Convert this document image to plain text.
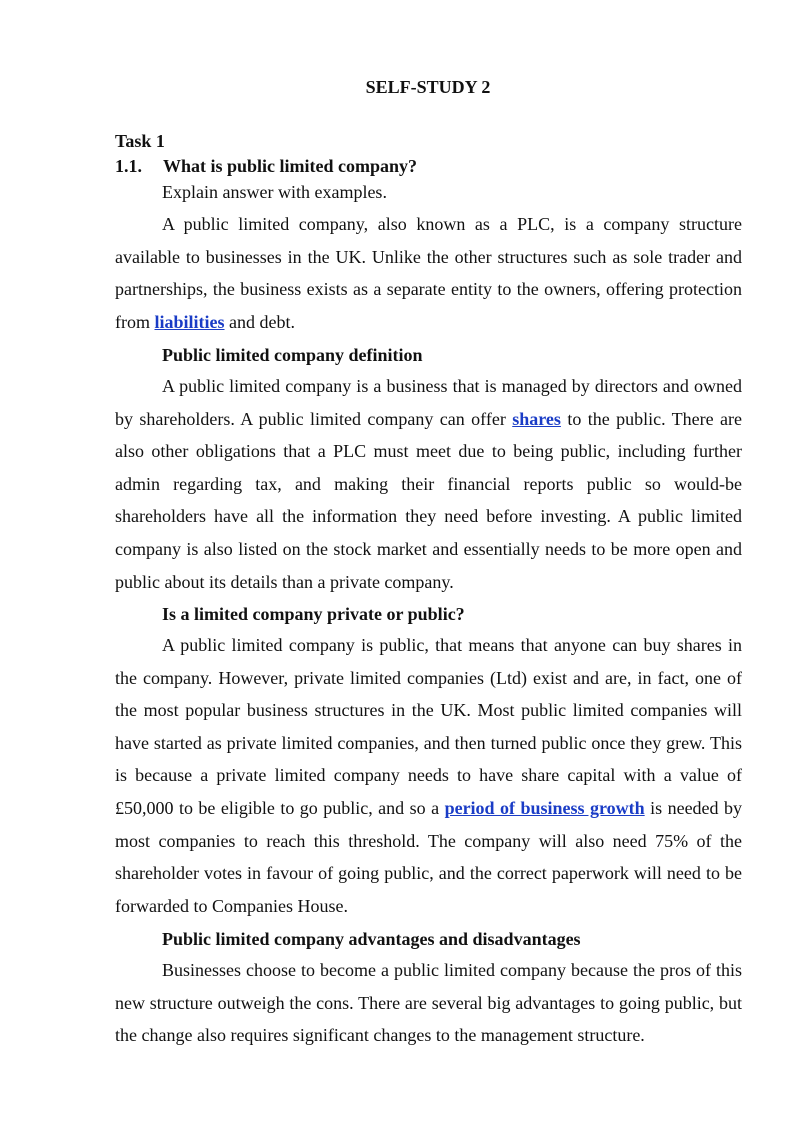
SELF-STUDY 2
Task 1
1.1. What is public limited company?
Explain answer with examples.

A public limited company, also known as a PLC, is a company structure available to businesses in the UK. Unlike the other structures such as sole trader and partnerships, the business exists as a separate entity to the owners, offering protection from liabilities and debt.

Public limited company definition

A public limited company is a business that is managed by directors and owned by shareholders. A public limited company can offer shares to the public. There are also other obligations that a PLC must meet due to being public, including further admin regarding tax, and making their financial reports public so would-be shareholders have all the information they need before investing. A public limited company is also listed on the stock market and essentially needs to be more open and public about its details than a private company.

Is a limited company private or public?

A public limited company is public, that means that anyone can buy shares in the company. However, private limited companies (Ltd) exist and are, in fact, one of the most popular business structures in the UK. Most public limited companies will have started as private limited companies, and then turned public once they grew. This is because a private limited company needs to have share capital with a value of £50,000 to be eligible to go public, and so a period of business growth is needed by most companies to reach this threshold. The company will also need 75% of the shareholder votes in favour of going public, and the correct paperwork will need to be forwarded to Companies House.

Public limited company advantages and disadvantages

Businesses choose to become a public limited company because the pros of this new structure outweigh the cons. There are several big advantages to going public, but the change also requires significant changes to the management structure.
